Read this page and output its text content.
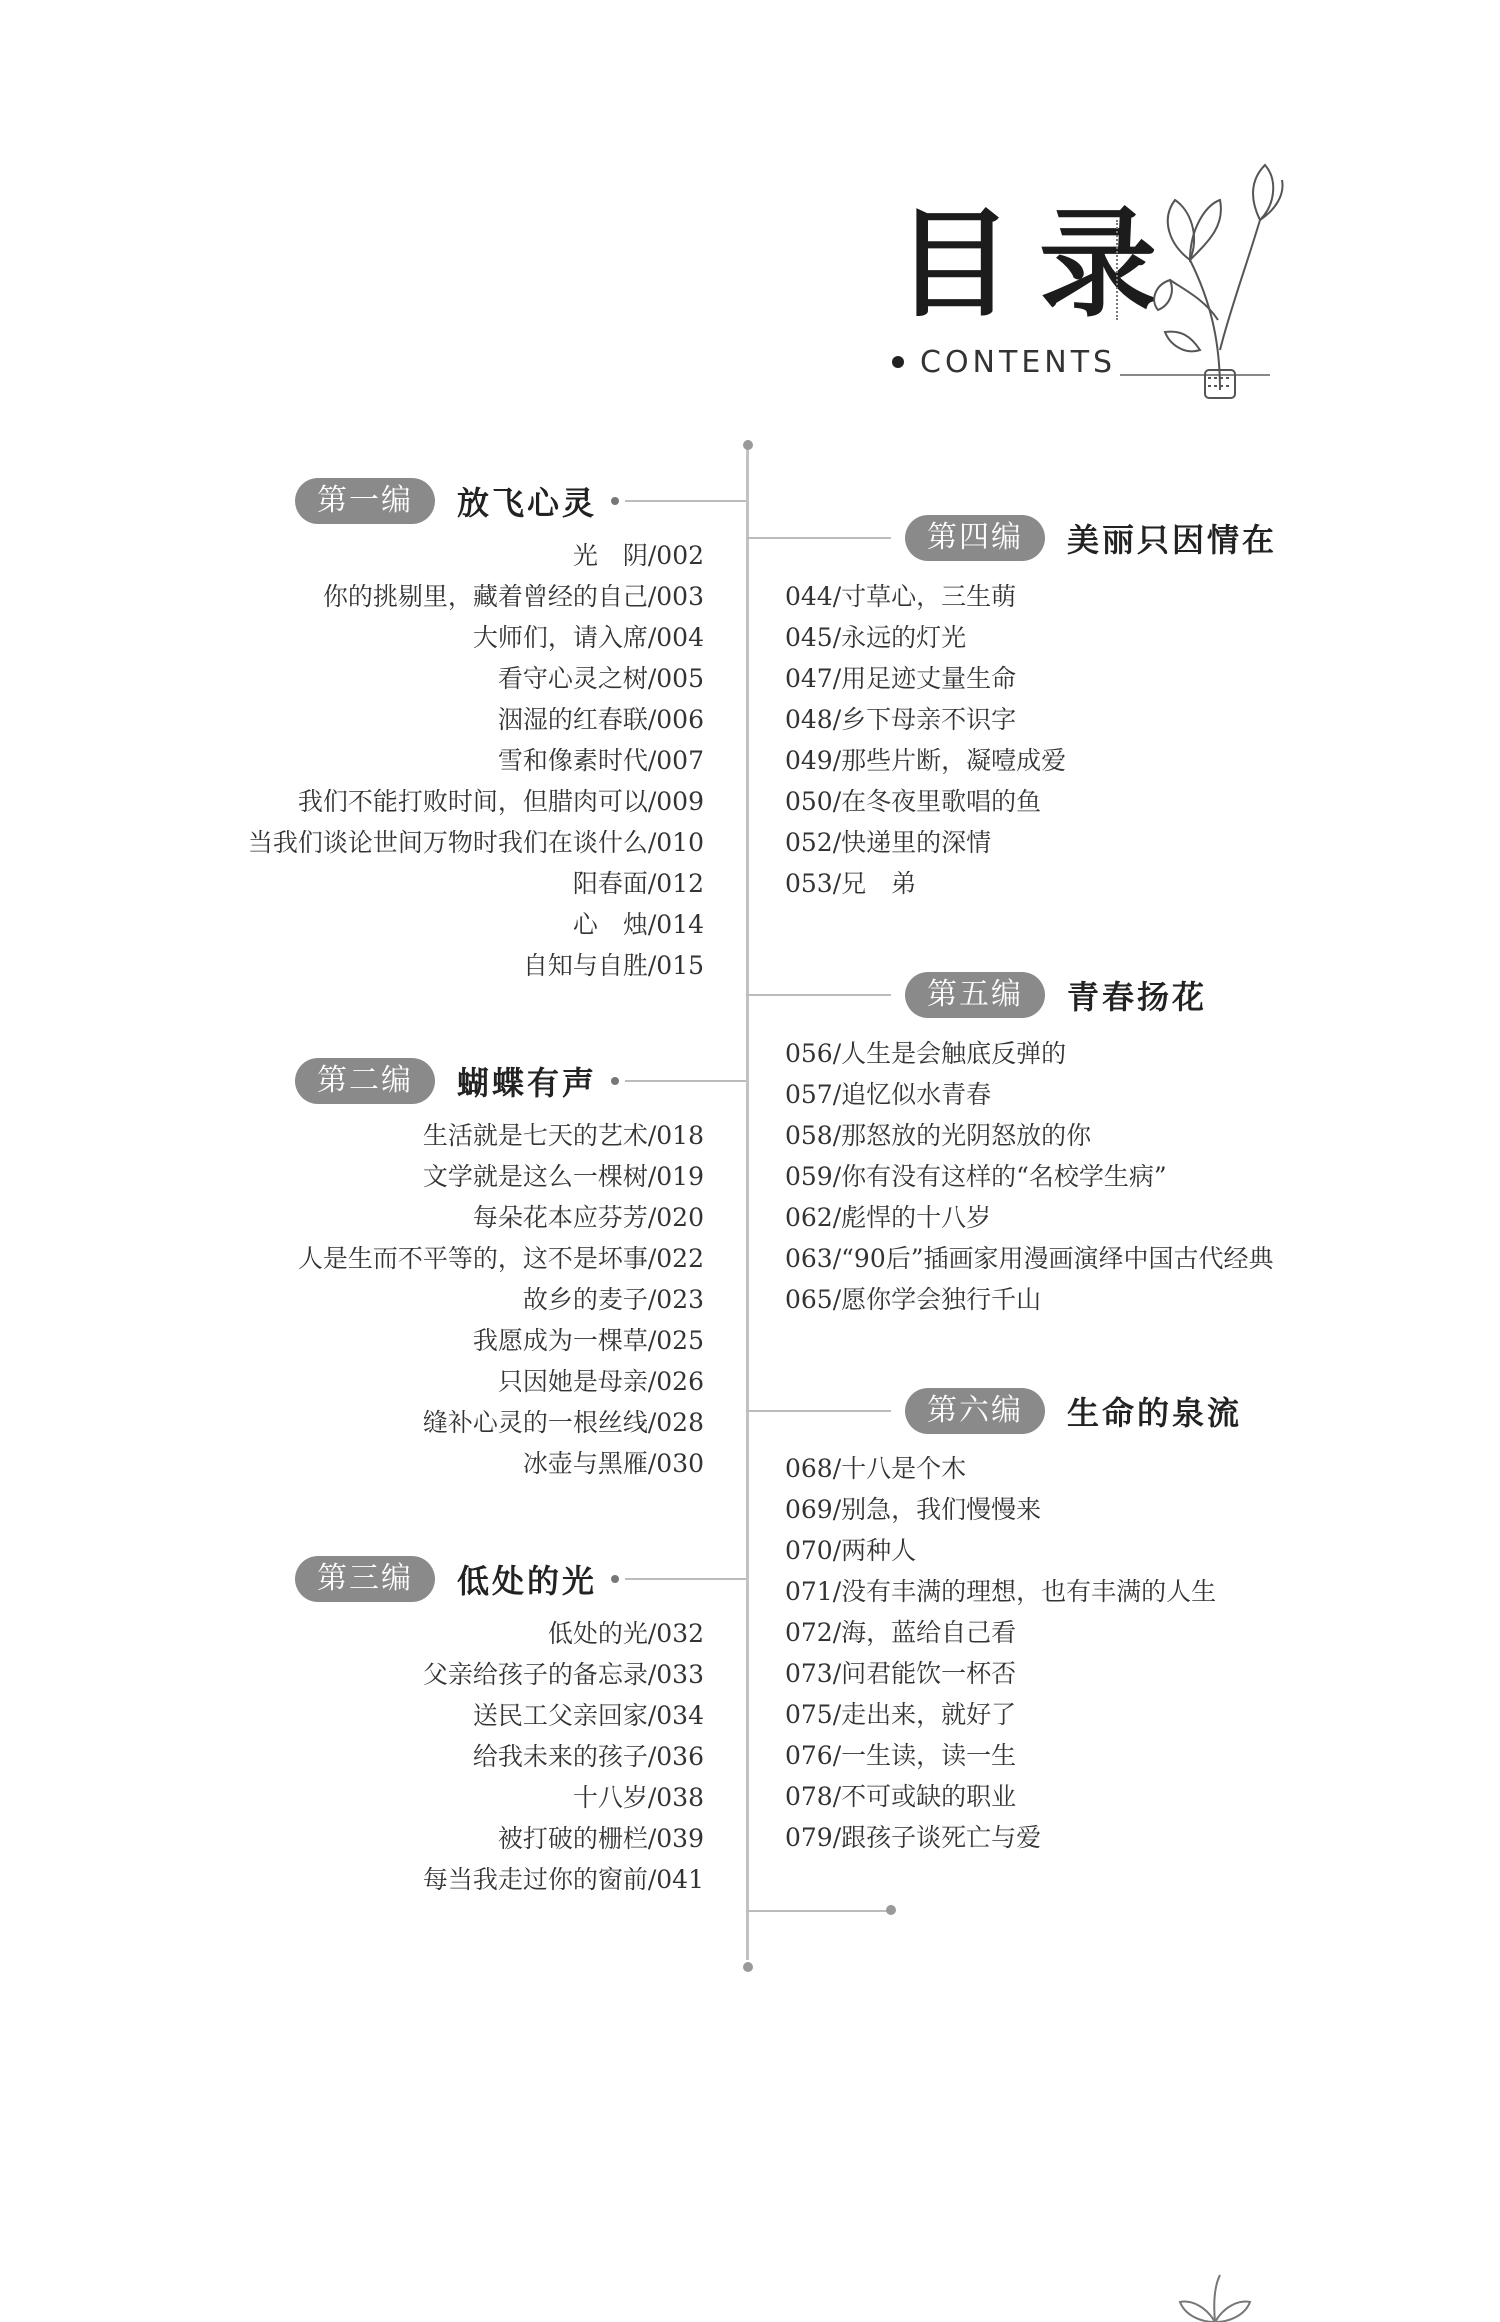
目录
CONTENTS
第一编	放飞心灵
光　阴/002
你的挑剔里，藏着曾经的自己/003
大师们，请入席/004
看守心灵之树/005
洇湿的红春联/006
雪和像素时代/007
我们不能打败时间，但腊肉可以/009
当我们谈论世间万物时我们在谈什么/010
阳春面/012
心　烛/014
自知与自胜/015
第二编	蝴蝶有声
生活就是七天的艺术/018
文学就是这么一棵树/019
每朵花本应芬芳/020
人是生而不平等的，这不是坏事/022
故乡的麦子/023
我愿成为一棵草/025
只因她是母亲/026
缝补心灵的一根丝线/028
冰壶与黑雁/030
第三编	低处的光
低处的光/032
父亲给孩子的备忘录/033
送民工父亲回家/034
给我未来的孩子/036
十八岁/038
被打破的栅栏/039
每当我走过你的窗前/041
第四编	美丽只因情在
044/寸草心，三生萌
045/永远的灯光
047/用足迹丈量生命
048/乡下母亲不识字
049/那些片断，凝噎成爱
050/在冬夜里歌唱的鱼
052/快递里的深情
053/兄　弟
第五编	青春扬花
056/人生是会触底反弹的
057/追忆似水青春
058/那怒放的光阴怒放的你
059/你有没有这样的“名校学生病”
062/彪悍的十八岁
063/“90后”插画家用漫画演绎中国古代经典
065/愿你学会独行千山
第六编	生命的泉流
068/十八是个木
069/别急，我们慢慢来
070/两种人
071/没有丰满的理想，也有丰满的人生
072/海，蓝给自己看
073/问君能饮一杯否
075/走出来，就好了
076/一生读，读一生
078/不可或缺的职业
079/跟孩子谈死亡与爱
